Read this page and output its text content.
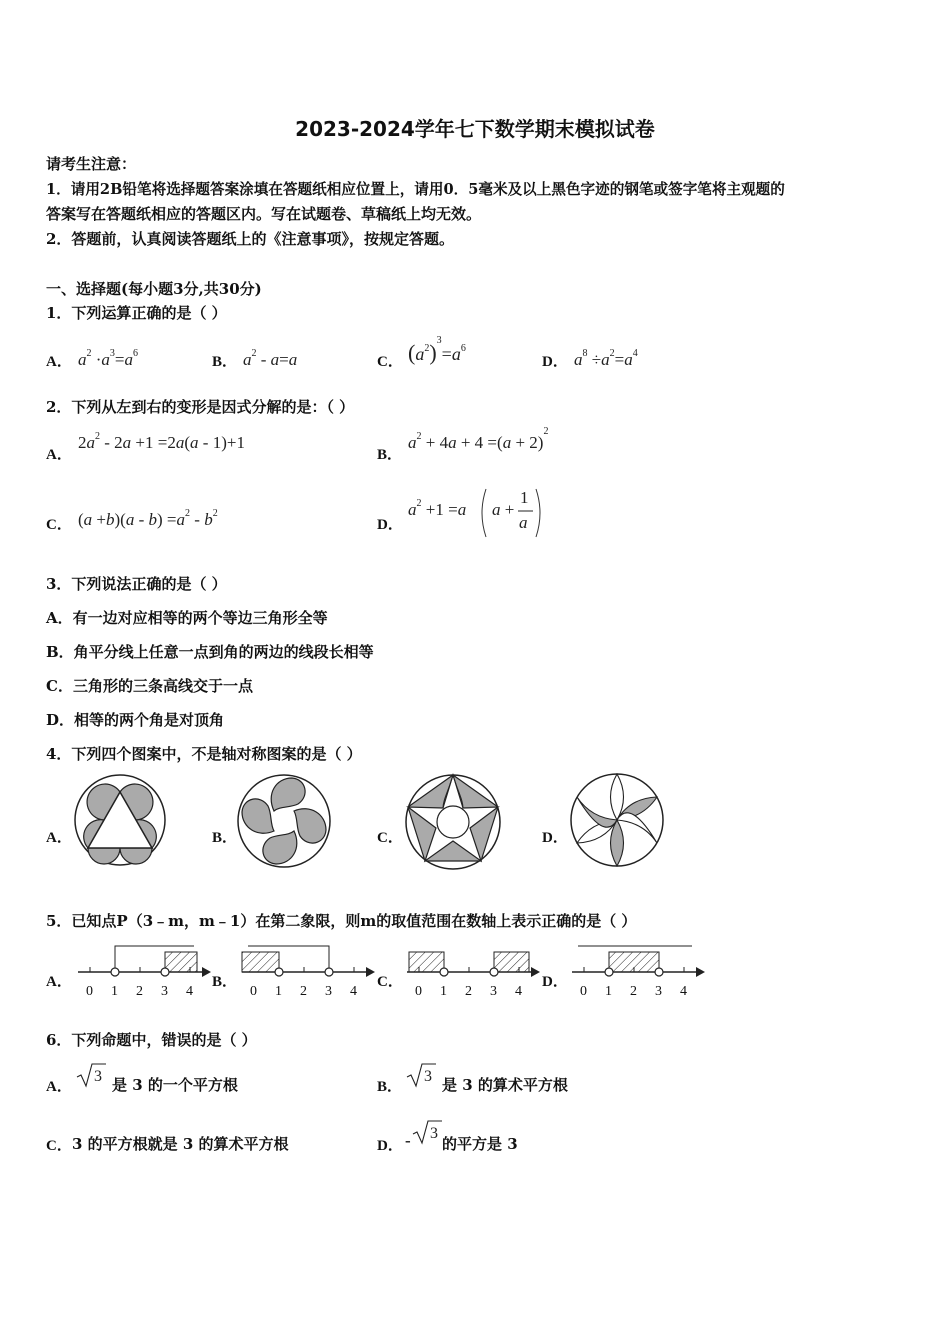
2023-2024学年七下数学期末模拟试卷
请考生注意：
1．请用2B铅笔将选择题答案涂填在答题纸相应位置上，请用0．5毫米及以上黑色字迹的钢笔或签字笔将主观题的
答案写在答题纸相应的答题区内。写在试题卷、草稿纸上均无效。
2．答题前，认真阅读答题纸上的《注意事项》，按规定答题。
一、选择题(每小题3分,共30分)
1．下列运算正确的是（ ）
A． $a^2 \cdot a^3=a^6$
B． $a^2 - a=a$	C． $(a^2)^3=a^6$
D． $a^8 \div a^2=a^4$
2．下列从左到右的变形是因式分解的是：（ ）
A．
$2a^2 - 2a +1 =2a(a - 1)+1$
B．
$a^2 + 4a + 4 =(a + 2)^2$
C． $(a +b)(a - b) =a^2 - b^2$
D．
$a^2 +1 =a$ a +
1
a
3．下列说法正确的是（ ）
A．有一边对应相等的两个等边三角形全等
B．角平分线上任意一点到角的两边的线段长相等
C．三角形的三条高线交于一点
D．相等的两个角是对顶角
4．下列四个图案中，不是轴对称图案的是（ ）
A．	B．	C．	D．
5．已知点P（3﹣m，m﹣1）在第二象限，则m的取值范围在数轴上表示正确的是（ ）
A．	B．	C．	D．
0 1 2 3 4	0 1 2 3 4	0 1 2 3 4	0 1 2 3 4
6．下列命题中，错误的是（ ）
A．
3 是 3 的一个平方根	B．
3 是 3 的算术平方根
C． 3 的平方根就是 3 的算术平方根	D． - 3
的平方是 3
